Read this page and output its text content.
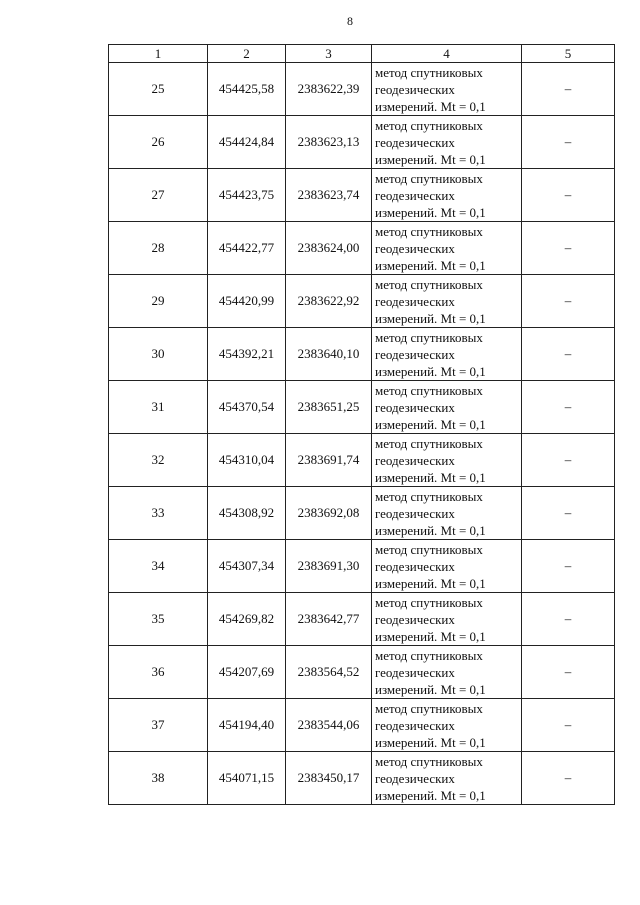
8
1	2	3	4	5
25	454425,58	2383622,39	метод спутниковых
геодезических
измерений. Mt = 0,1	–
26	454424,84	2383623,13	метод спутниковых
геодезических
измерений. Mt = 0,1	–
27	454423,75	2383623,74	метод спутниковых
геодезических
измерений. Mt = 0,1	–
28	454422,77	2383624,00	метод спутниковых
геодезических
измерений. Mt = 0,1	–
29	454420,99	2383622,92	метод спутниковых
геодезических
измерений. Mt = 0,1	–
30	454392,21	2383640,10	метод спутниковых
геодезических
измерений. Mt = 0,1	–
31	454370,54	2383651,25	метод спутниковых
геодезических
измерений. Mt = 0,1	–
32	454310,04	2383691,74	метод спутниковых
геодезических
измерений. Mt = 0,1	–
33	454308,92	2383692,08	метод спутниковых
геодезических
измерений. Mt = 0,1	–
34	454307,34	2383691,30	метод спутниковых
геодезических
измерений. Mt = 0,1	–
35	454269,82	2383642,77	метод спутниковых
геодезических
измерений. Mt = 0,1	–
36	454207,69	2383564,52	метод спутниковых
геодезических
измерений. Mt = 0,1	–
37	454194,40	2383544,06	метод спутниковых
геодезических
измерений. Mt = 0,1	–
38	454071,15	2383450,17	метод спутниковых
геодезических
измерений. Mt = 0,1	–
